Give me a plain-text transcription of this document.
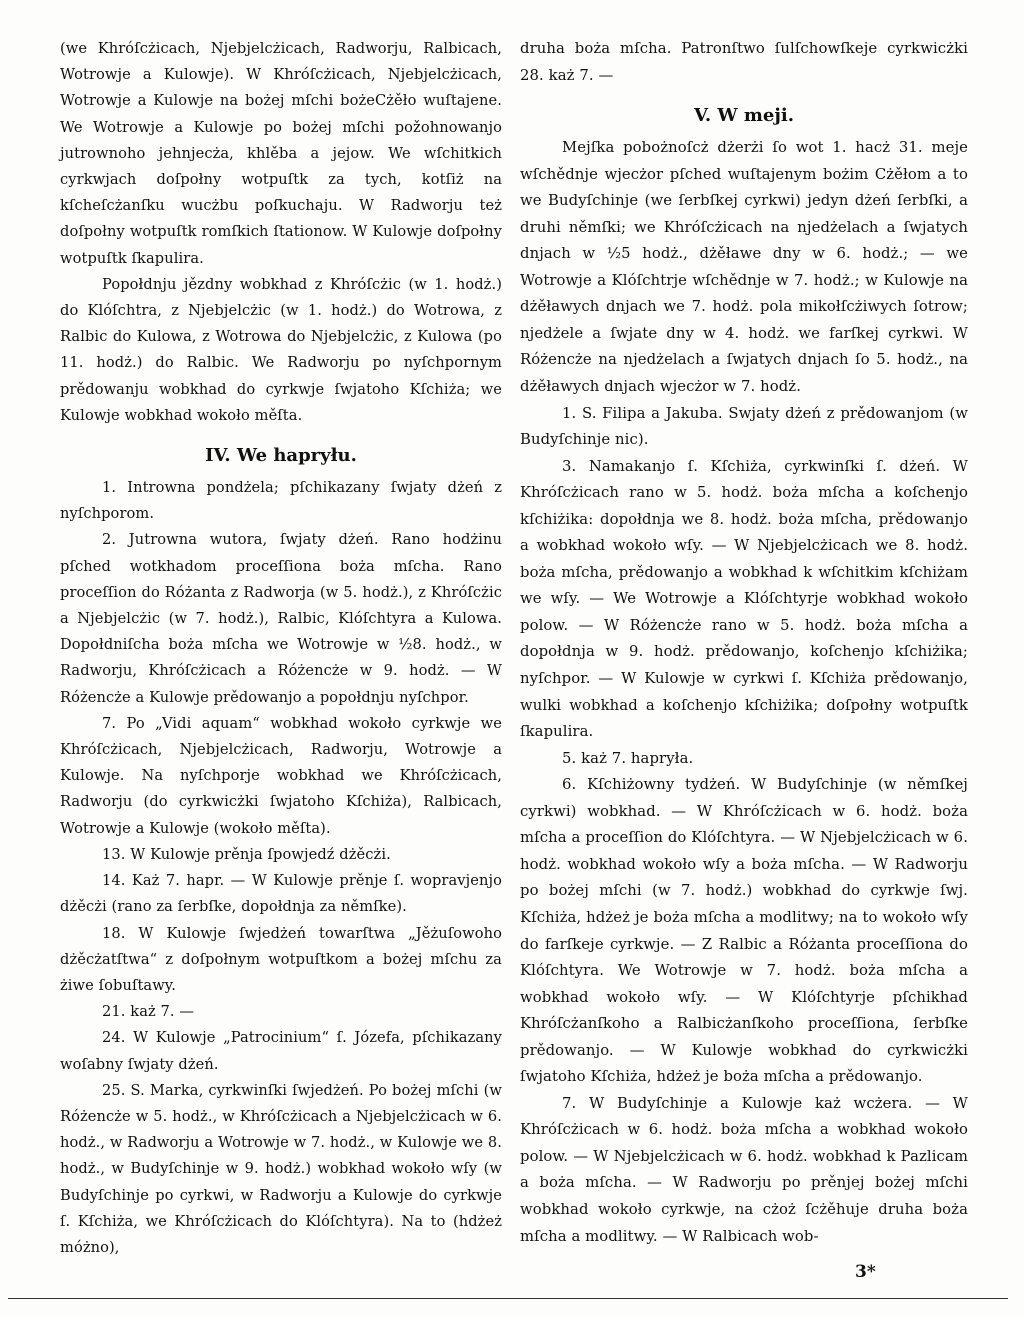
(we Khróſcżicach, Njebjelcżicach, Radworju, Ralbicach, Wotrowje a Kulowje). W Khróſcżicach, Njebjelcżicach, Wotrowje a Kulowje na bożej mſchi bożeCżěło wuſtajene. We Wotrowje a Kulowje po bożej mſchi požohnowanjo jutrownoho jehnjecża, khlěba a jejow. We wſchitkich cyrkwjach doſpołny wotpuſtk za tych, kotſiż na kſcheſcżanſku wucżbu poſkuchaju. W Radworju też doſpołny wotpuſtk romſkich ſtationow. W Kulowje doſpołny wotpuſtk ſkapulira.

Popołdnju jězdny wobkhad z Khróſcżic (w 1. hodż.) do Klóſchtra, z Njebjelcżic (w 1. hodż.) do Wotrowa, z Ralbic do Kulowa, z Wotrowa do Njebjelcżic, z Kulowa (po 11. hodż.) do Ralbic. We Radworju po nyſchpornym prědowanju wobkhad do cyrkwje ſwjatoho Kſchiża; we Kulowje wobkhad wokoło měſta.

IV. We hapryłu.

1. Introwna pondżela; pſchikazany ſwjaty dżeń z nyſchporom.

2. Jutrowna wutora, ſwjaty dżeń. Rano hodżinu pſched wotkhadom proceſſiona boża mſcha. Rano proceſſion do Różanta z Radworja (w 5. hodż.), z Khróſcżic a Njebjelcżic (w 7. hodż.), Ralbic, Klóſchtyra a Kulowa. Dopołdniſcha boża mſcha we Wotrowje w ½8. hodż., w Radworju, Khróſcżicach a Różencże w 9. hodż. — W Różencże a Kulowje prědowanjo a popołdnju nyſchpor.

7. Po „Vidi aquam“ wobkhad wokoło cyrkwje we Khróſcżicach, Njebjelcżicach, Radworju, Wotrowje a Kulowje. Na nyſchporje wobkhad we Khróſcżicach, Radworju (do cyrkwicżki ſwjatoho Kſchiża), Ralbicach, Wotrowje a Kulowje (wokoło měſta).

13. W Kulowje prěnja ſpowjedź dżěcżi.

14. Każ 7. hapr. — W Kulowje prěnje ſ. wopravjenjo dżěcżi (rano za ſerbſke, dopołdnja za němſke).

18. W Kulowje ſwjedżeń towarſtwa „Jěżuſowoho dżěcżatſtwa“ z doſpołnym wotpuſtkom a bożej mſchu za żiwe ſobuſtawy.

21. każ 7. —

24. W Kulowje „Patrocinium“ ſ. Józefa, pſchikazany woſabny ſwjaty dżeń.

25. S. Marka, cyrkwinſki ſwjedżeń. Po bożej mſchi (w Różencże w 5. hodż., w Khróſcżicach a Njebjelcżicach w 6. hodż., w Radworju a Wotrowje w 7. hodż., w Kulowje we 8. hodż., w Budyſchinje w 9. hodż.) wobkhad wokoło wſy (w Budyſchinje po cyrkwi, w Radworju a Kulowje do cyrkwje ſ. Kſchiża, we Khróſcżicach do Klóſchtyra). Na to (hdżeż móżno),

druha boża mſcha. Patronſtwo ſulſchowſkeje cyrkwicżki 28. każ 7. —

V. W meji.

Mejſka pobożnoſcż dżerżi ſo wot 1. hacż 31. meje wſchědnje wjecżor pſched wuſtajenym bożim Cżěłom a to we Budyſchinje (we ſerbſkej cyrkwi) jedyn dżeń ſerbſki, a druhi němſki; we Khróſcżicach na njedżelach a ſwjatych dnjach w ½5 hodż., dżěławe dny w 6. hodż.; — we Wotrowje a Klóſchtrje wſchědnje w 7. hodż.; w Kulowje na dżěławych dnjach we 7. hodż. pola mikołſcżiwych ſotrow; njedżele a ſwjate dny w 4. hodż. we farſkej cyrkwi. W Różencże na njedżelach a ſwjatych dnjach ſo 5. hodż., na dżěławych dnjach wjecżor w 7. hodż.

1. S. Filipa a Jakuba. Swjaty dżeń z prědowanjom (w Budyſchinje nic).

3. Namakanjo ſ. Kſchiża, cyrkwinſki ſ. dżeń. W Khróſcżicach rano w 5. hodż. boża mſcha a koſchenjo kſchiżika: dopołdnja we 8. hodż. boża mſcha, prědowanjo a wobkhad wokoło wſy. — W Njebjelcżicach we 8. hodż. boża mſcha, prědowanjo a wobkhad k wſchitkim kſchiżam we wſy. — We Wotrowje a Klóſchtyrje wobkhad wokoło polow. — W Różencże rano w 5. hodż. boża mſcha a dopołdnja w 9. hodż. prědowanjo, koſchenjo kſchiżika; nyſchpor. — W Kulowje w cyrkwi ſ. Kſchiża prědowanjo, wulki wobkhad a koſchenjo kſchiżika; doſpołny wotpuſtk ſkapulira.

5. każ 7. hapryła.

6. Kſchiżowny tydżeń. W Budyſchinje (w němſkej cyrkwi) wobkhad. — W Khróſcżicach w 6. hodż. boża mſcha a proceſſion do Klóſchtyra. — W Njebjelcżicach w 6. hodż. wobkhad wokoło wſy a boża mſcha. — W Radworju po bożej mſchi (w 7. hodż.) wobkhad do cyrkwje ſwj. Kſchiża, hdżeż je boża mſcha a modlitwy; na to wokoło wſy do farſkeje cyrkwje. — Z Ralbic a Różanta proceſſiona do Klóſchtyra. We Wotrowje w 7. hodż. boża mſcha a wobkhad wokoło wſy. — W Klóſchtyrje pſchikhad Khróſcżanſkoho a Ralbicżanſkoho proceſſiona, ſerbſke prědowanjo. — W Kulowje wobkhad do cyrkwicżki ſwjatoho Kſchiża, hdżeż je boża mſcha a prědowanjo.

7. W Budyſchinje a Kulowje każ wcżera. — W Khróſcżicach w 6. hodż. boża mſcha a wobkhad wokoło polow. — W Njebjelcżicach w 6. hodż. wobkhad k Pazlicam a boża mſcha. — W Radworju po prěnjej bożej mſchi wobkhad wokoło cyrkwje, na cżoż ſcżěhuje druha boża mſcha a modlitwy. — W Ralbicach wob-

3*
